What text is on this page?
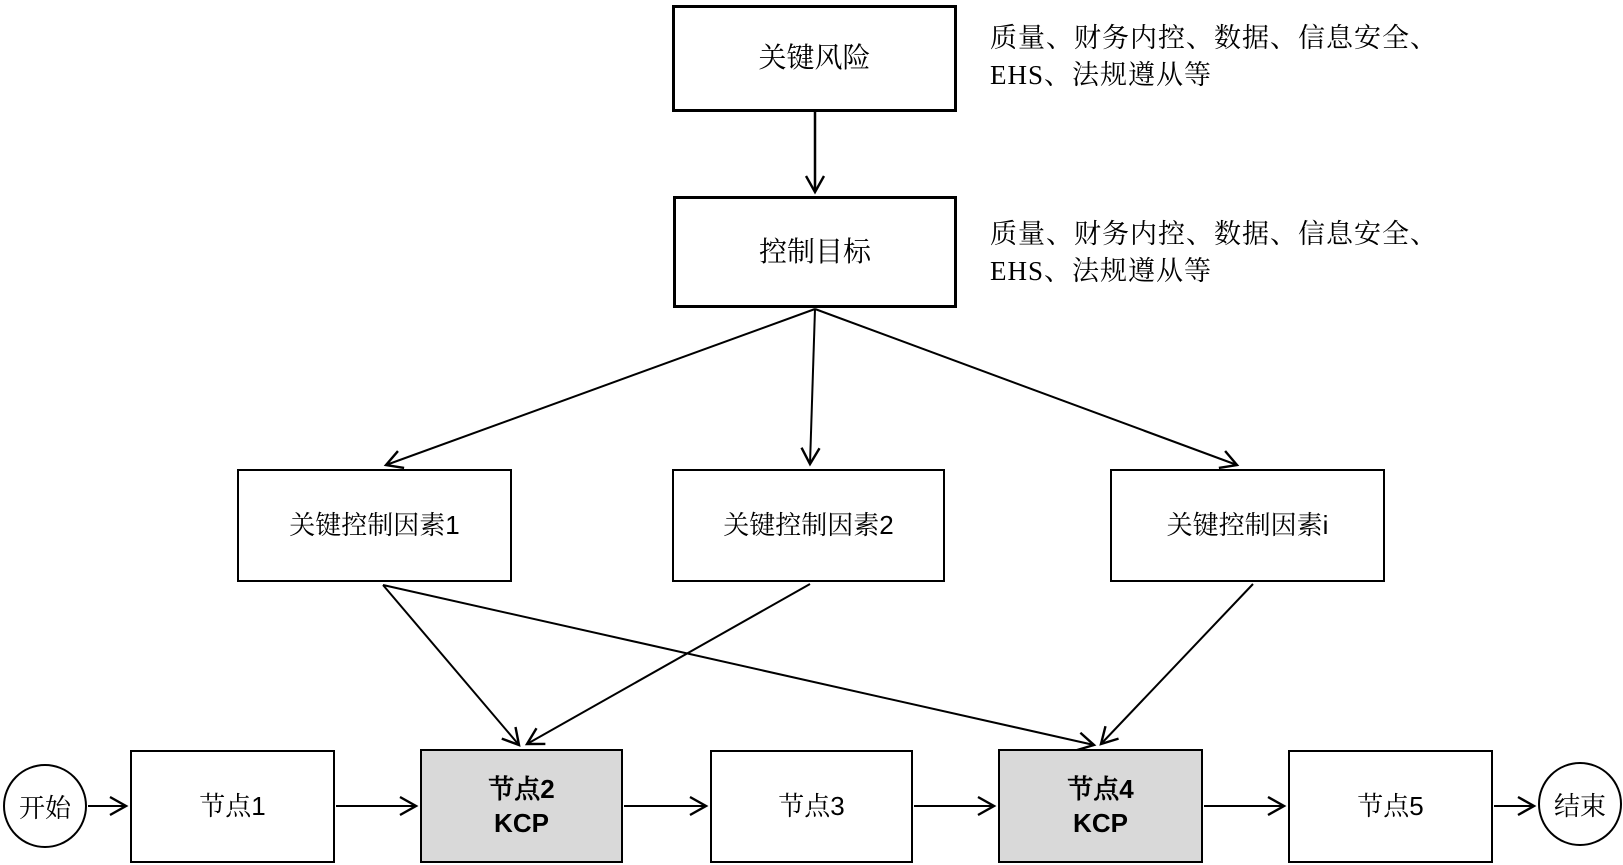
关键风险
质量、财务内控、数据、信息安全、
EHS、法规遵从等
控制目标
质量、财务内控、数据、信息安全、
EHS、法规遵从等
关键控制因素1	关键控制因素2	关键控制因素i
开始	节点1
节点2
KCP
节点3
节点4
KCP
节点5	结束
